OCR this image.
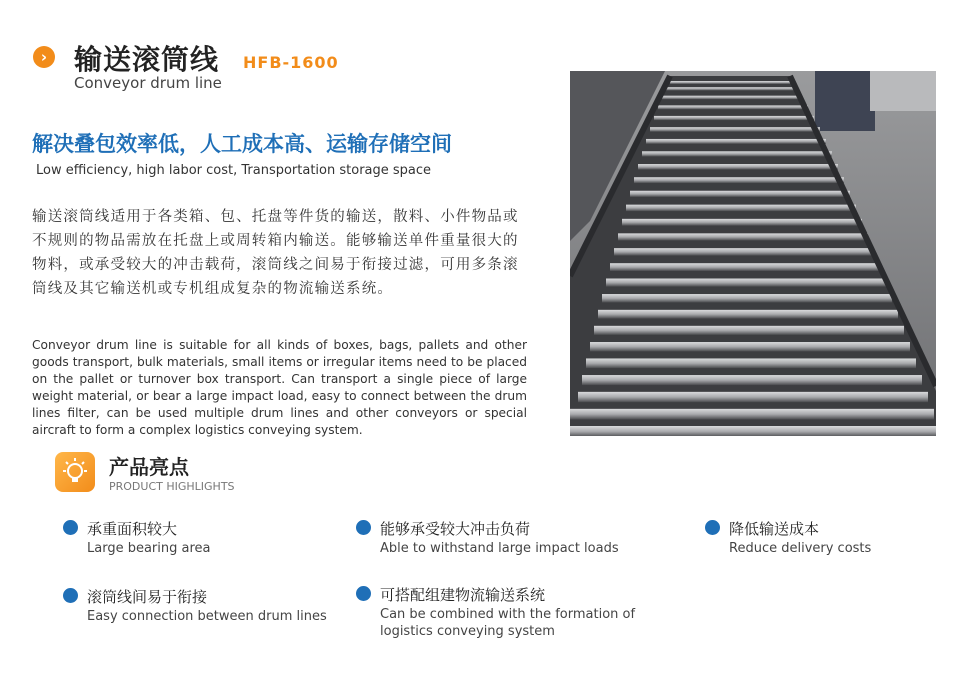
› 输送滚筒线 HFB-1600
Conveyor drum line
解决叠包效率低，人工成本高、运输存储空间
Low efficiency, high labor cost, Transportation storage space
输送滚筒线适用于各类箱、包、托盘等件货的输送，散料、小件物品或不规则的物品需放在托盘上或周转箱内输送。能够输送单件重量很大的物料，或承受较大的冲击载荷，滚筒线之间易于衔接过滤，可用多条滚筒线及其它输送机或专机组成复杂的物流输送系统。
Conveyor drum line is suitable for all kinds of boxes, bags, pallets and other goods transport, bulk materials, small items or irregular items need to be placed on the pallet or turnover box transport. Can transport a single piece of large weight material, or bear a large impact load, easy to connect between the drum lines filter, can be used multiple drum lines and other conveyors or special aircraft to form a complex logistics conveying system.
产品亮点
PRODUCT HIGHLIGHTS
承重面积较大
Large bearing area
能够承受较大冲击负荷
Able to withstand large impact loads
降低输送成本
Reduce delivery costs
滚筒线间易于衔接
Easy connection between drum lines
可搭配组建物流输送系统
Can be combined with the formation of logistics conveying system
